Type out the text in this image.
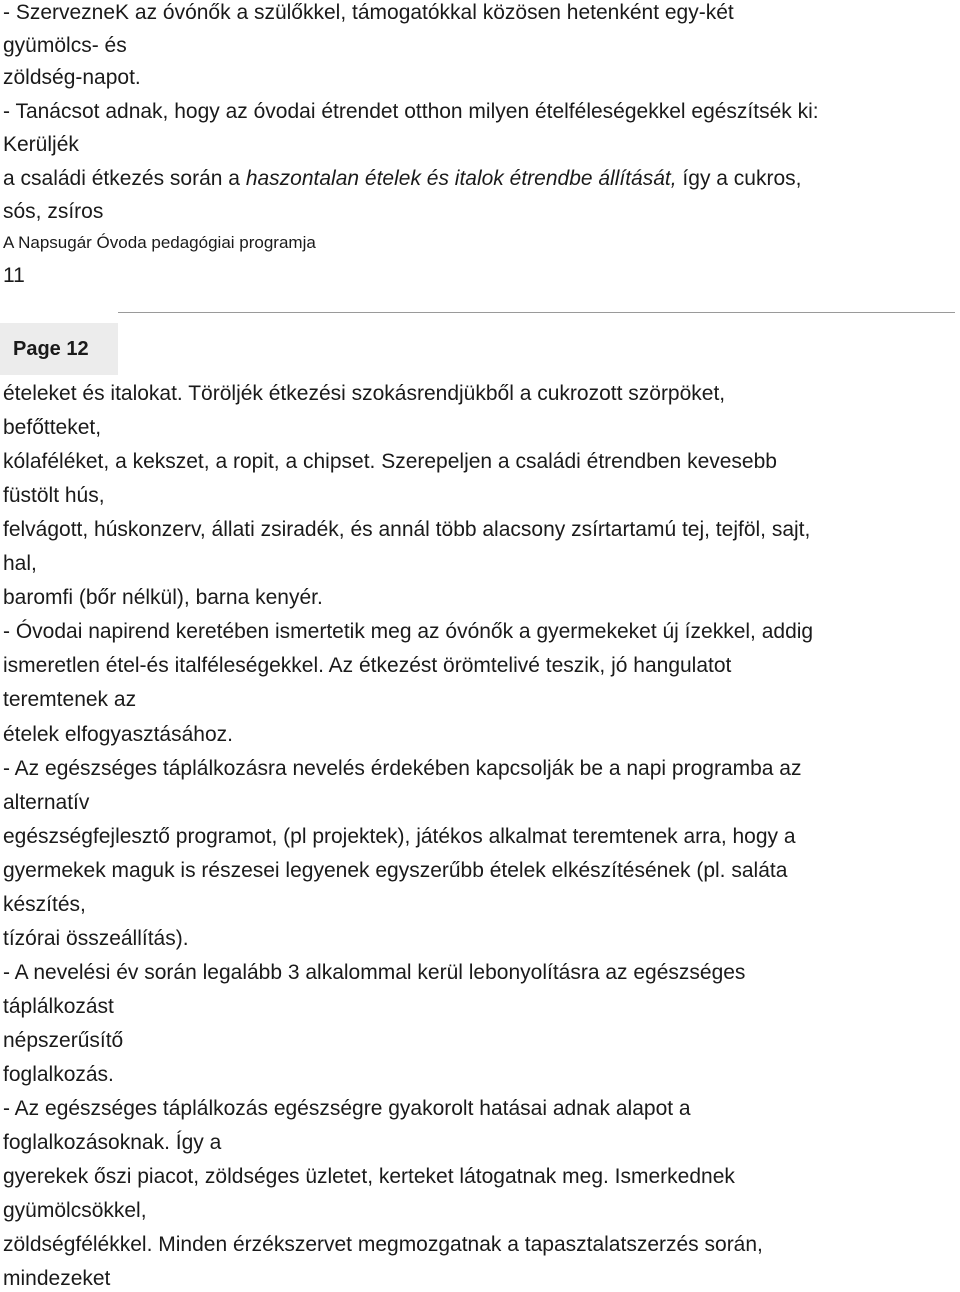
- SzervezneK az óvónők a szülőkkel, támogatókkal közösen hetenként egy-két
gyümölcs- és
zöldség-napot.
- Tanácsot adnak, hogy az óvodai étrendet otthon milyen ételféleségekkel egészítsék ki:
Kerüljék
a családi étkezés során a haszontalan ételek és italok étrendbe állítását, így a cukros,
sós, zsíros
A Napsugár Óvoda pedagógiai programja
11
Page 12
ételeket és italokat. Töröljék étkezési szokásrendjükből a cukrozott szörpöket,
befőtteket,
kólaféléket, a kekszet, a ropit, a chipset. Szerepeljen a családi étrendben kevesebb
füstölt hús,
felvágott, húskonzerv, állati zsiradék, és annál több alacsony zsírtartamú tej, tejföl, sajt,
hal,
baromfi (bőr nélkül), barna kenyér.
- Óvodai napirend keretében ismertetik meg az óvónők a gyermekeket új ízekkel, addig
ismeretlen étel-és italféleségekkel. Az étkezést örömtelivé teszik, jó hangulatot
teremtenek az
ételek elfogyasztásához.
- Az egészséges táplálkozásra nevelés érdekében kapcsolják be a napi programba az
alternatív
egészségfejlesztő programot, (pl projektek), játékos alkalmat teremtenek arra, hogy a
gyermekek maguk is részesei legyenek egyszerűbb ételek elkészítésének (pl. saláta
készítés,
tízórai összeállítás).
- A nevelési év során legalább 3 alkalommal kerül lebonyolításra az egészséges
táplálkozást
népszerűsítő
foglalkozás.
- Az egészséges táplálkozás egészségre gyakorolt hatásai adnak alapot a
foglalkozásoknak. Így a
gyerekek őszi piacot, zöldséges üzletet, kerteket látogatnak meg. Ismerkednek
gyümölcsökkel,
zöldségfélékkel. Minden érzékszervet megmozgatnak a tapasztalatszerzés során,
mindezeket
